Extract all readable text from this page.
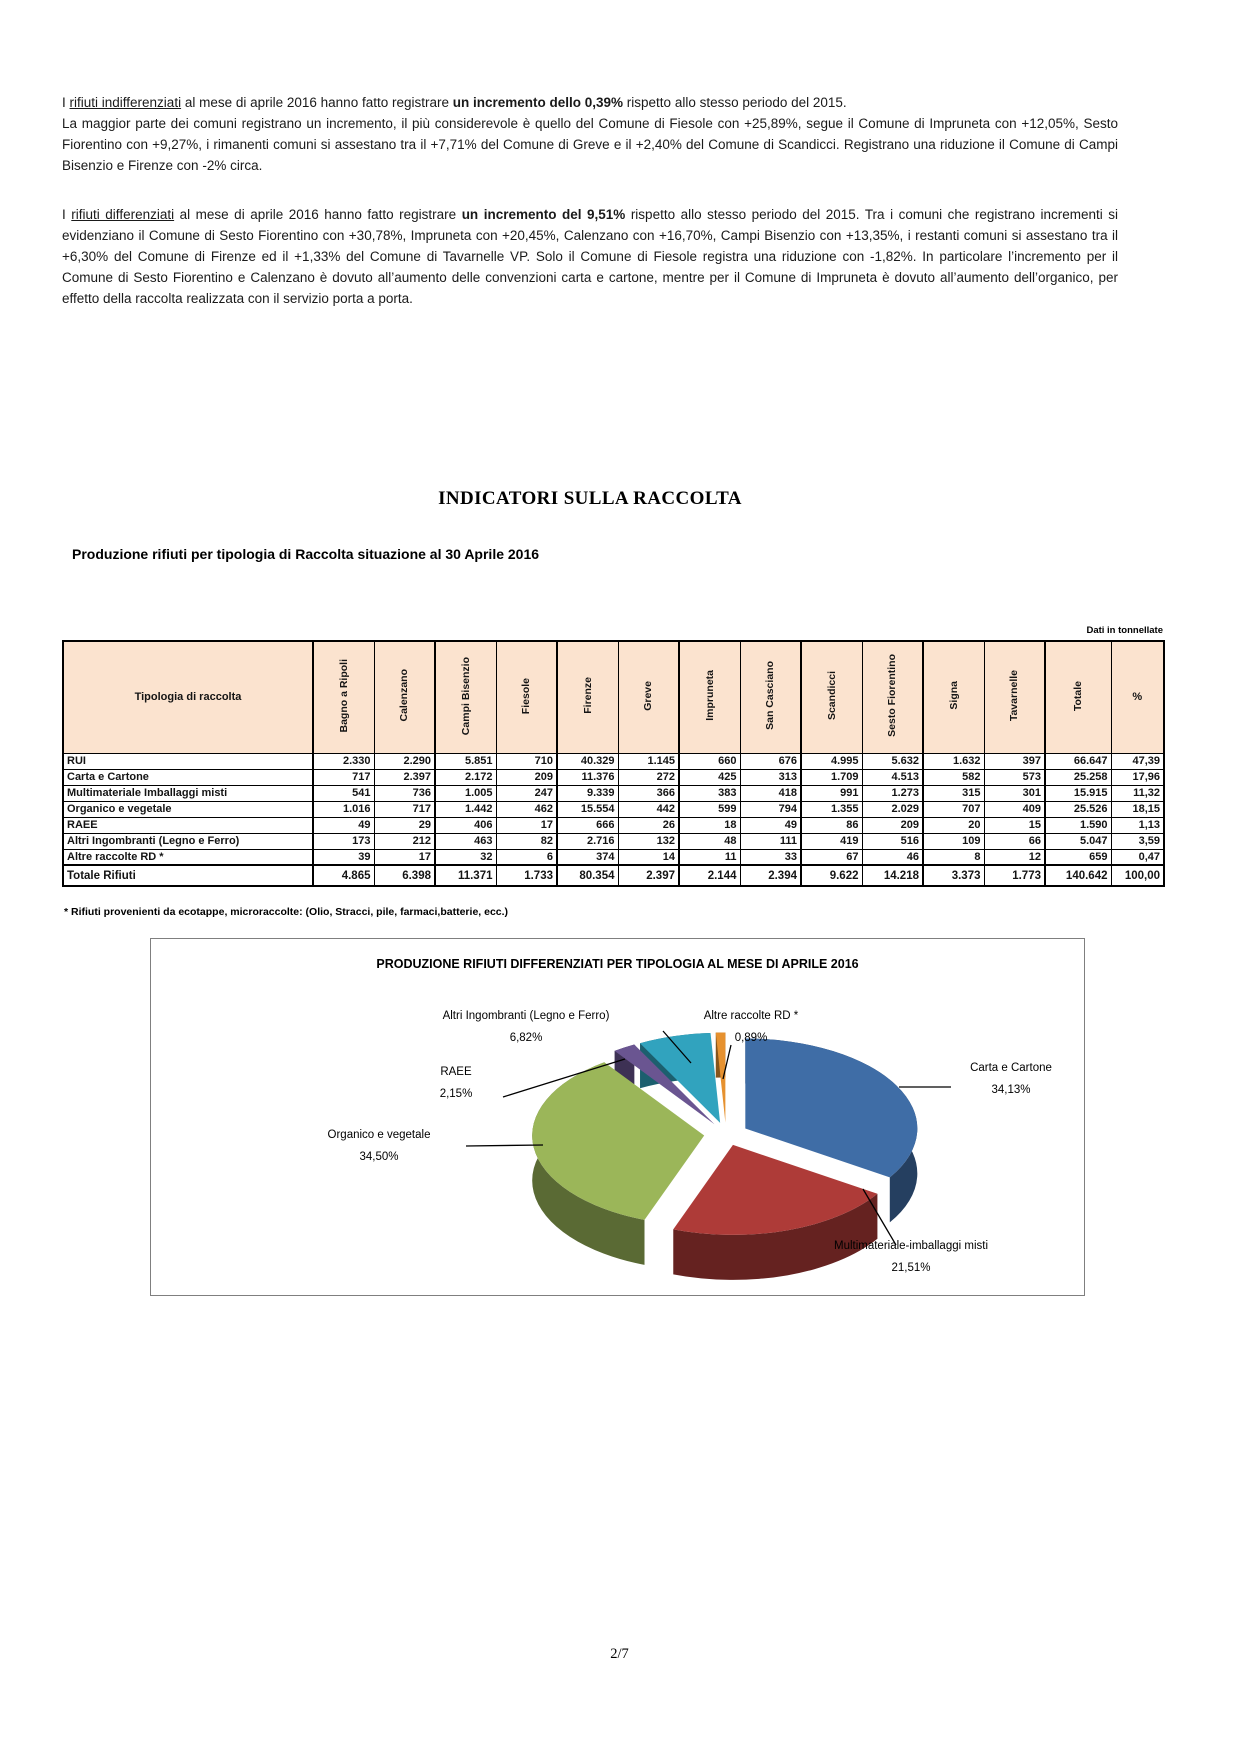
I rifiuti indifferenziati al mese di aprile 2016 hanno fatto registrare un incremento dello 0,39% rispetto allo stesso periodo del 2015.
La maggior parte dei comuni registrano un incremento, il più considerevole è quello del Comune di Fiesole con +25,89%, segue il Comune di Impruneta con +12,05%, Sesto Fiorentino con +9,27%, i rimanenti comuni si assestano tra il +7,71% del Comune di Greve e il +2,40% del Comune di Scandicci. Registrano una riduzione il Comune di Campi Bisenzio e Firenze con -2% circa.

I rifiuti differenziati al mese di aprile 2016 hanno fatto registrare un incremento del 9,51% rispetto allo stesso periodo del 2015. Tra i comuni che registrano incrementi si evidenziano il Comune di Sesto Fiorentino con +30,78%, Impruneta con +20,45%, Calenzano con +16,70%, Campi Bisenzio con +13,35%, i restanti comuni si assestano tra il +6,30% del Comune di Firenze ed il +1,33% del Comune di Tavarnelle VP. Solo il Comune di Fiesole registra una riduzione con -1,82%. In particolare l’incremento per il Comune di Sesto Fiorentino e Calenzano è dovuto all’aumento delle convenzioni carta e cartone, mentre per il Comune di Impruneta è dovuto all’aumento dell’organico, per effetto della raccolta realizzata con il servizio porta a porta.

INDICATORI SULLA RACCOLTA
Produzione rifiuti per tipologia di Raccolta situazione al 30 Aprile 2016
Dati in tonnellate
Tipologia di raccolta	Bagno a Ripoli	Calenzano	Campi Bisenzio	Fiesole	Firenze	Greve	Impruneta	San Casciano	Scandicci	Sesto Fiorentino	Signa	Tavarnelle	Totale	%
RUI	2.330	2.290	5.851	710	40.329	1.145	660	676	4.995	5.632	1.632	397	66.647	47,39
Carta e Cartone	717	2.397	2.172	209	11.376	272	425	313	1.709	4.513	582	573	25.258	17,96
Multimateriale Imballaggi misti	541	736	1.005	247	9.339	366	383	418	991	1.273	315	301	15.915	11,32
Organico e vegetale	1.016	717	1.442	462	15.554	442	599	794	1.355	2.029	707	409	25.526	18,15
RAEE	49	29	406	17	666	26	18	49	86	209	20	15	1.590	1,13
Altri Ingombranti (Legno e Ferro)	173	212	463	82	2.716	132	48	111	419	516	109	66	5.047	3,59
Altre raccolte RD *	39	17	32	6	374	14	11	33	67	46	8	12	659	0,47
Totale Rifiuti	4.865	6.398	11.371	1.733	80.354	2.397	2.144	2.394	9.622	14.218	3.373	1.773	140.642	100,00
* Rifiuti provenienti da ecotappe, microraccolte: (Olio, Stracci, pile, farmaci,batterie, ecc.)
PRODUZIONE RIFIUTI DIFFERENZIATI PER TIPOLOGIA AL MESE DI APRILE 2016
Carta e Cartone
34,13%
Multimateriale-imballaggi misti
21,51%
Organico e vegetale
34,50%
RAEE
2,15%
Altri Ingombranti (Legno e Ferro)
6,82%
Altre raccolte RD *
0,89%
2/7
